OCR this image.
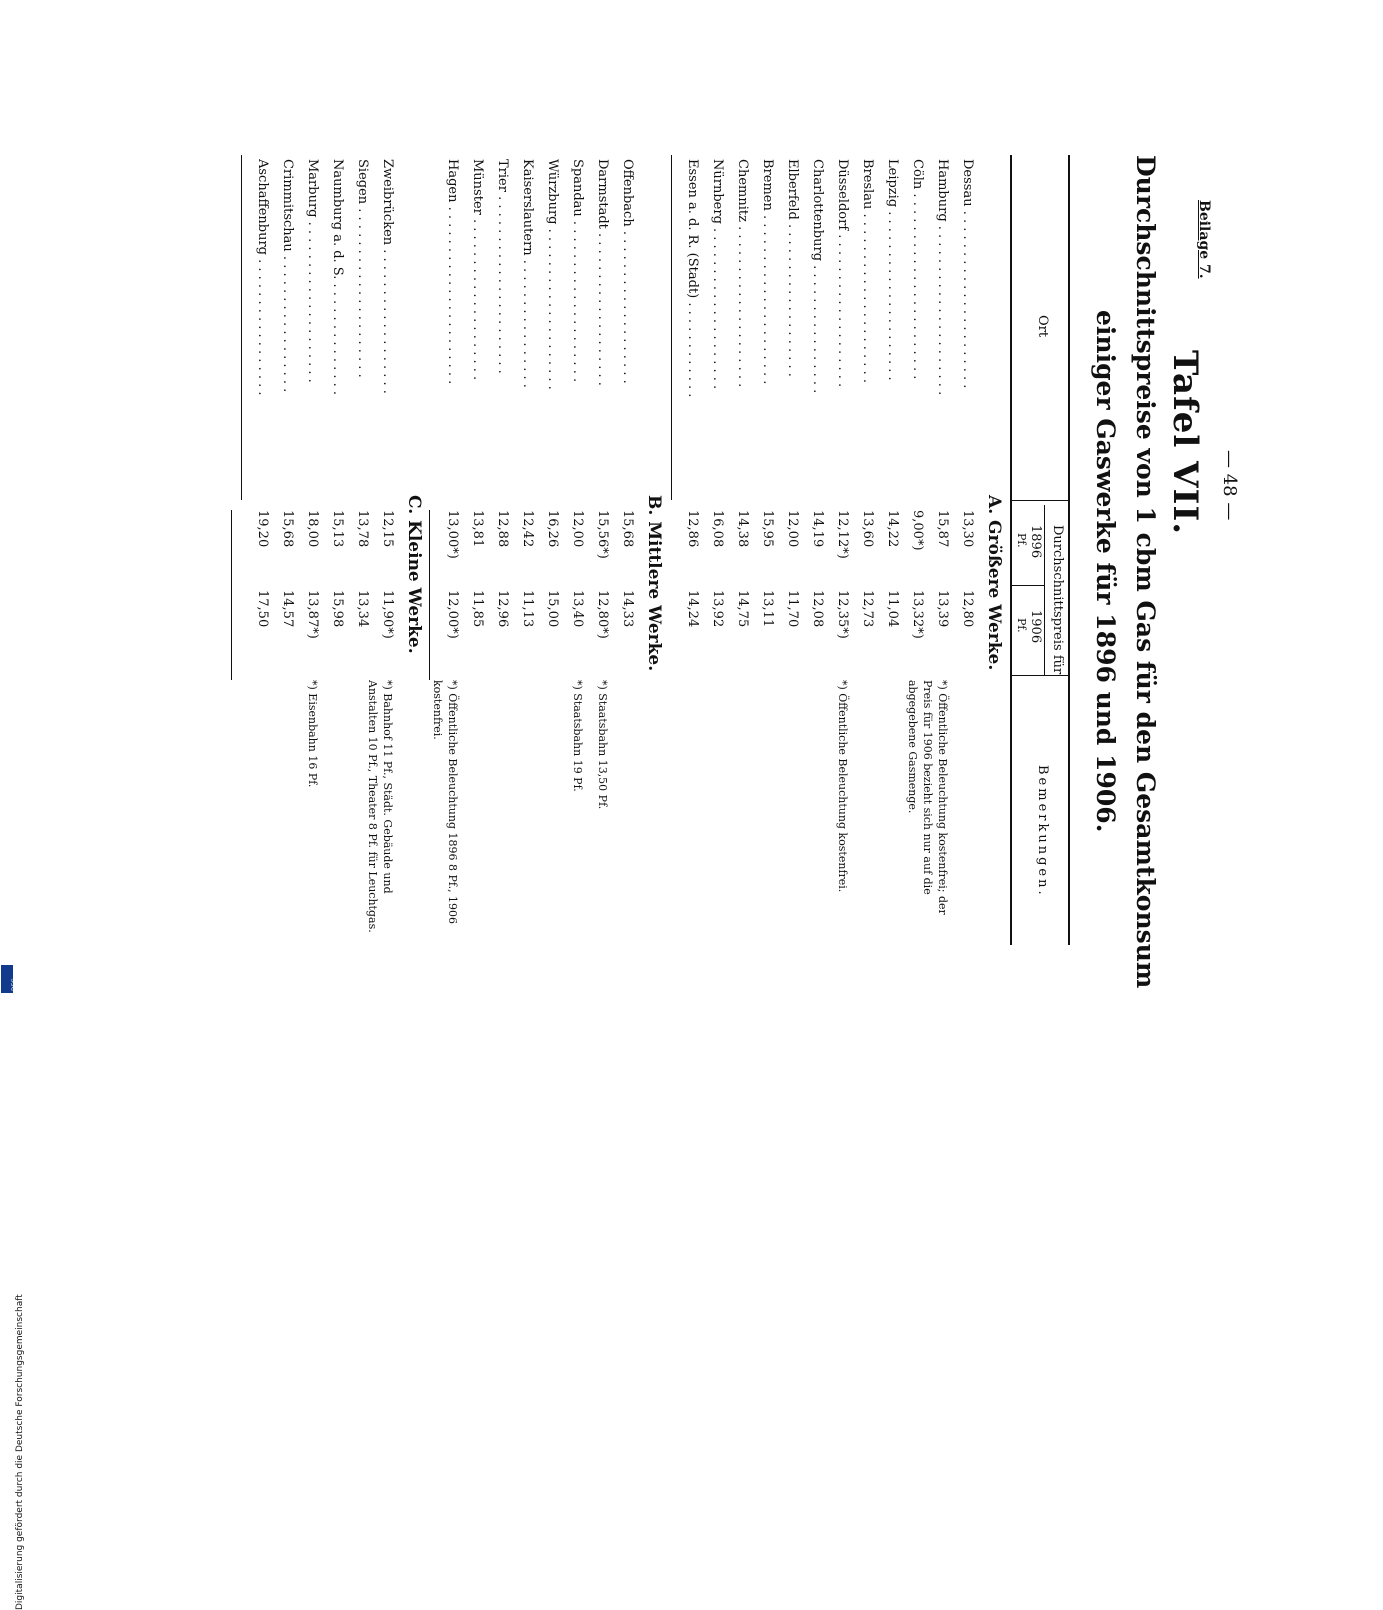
— 48 —
Beilage 7.
Tafel VII.
Durchschnittspreise von 1 cbm Gas für den Gesamtkonsum
einiger Gaswerke für 1896 und 1906.
Ort
Durchschnittspreis für
1896
1906
Pf.
Pf.
Bemerkungen.
A. Größere Werke.
Dessau . . . . . . . . . . . . . . . . . . . . . .
13,30
12,80
Hamburg . . . . . . . . . . . . . . . . . . . . .
15,87
13,39
*) Öffentliche Beleuchtung kostenfrei; der Preis für 1906 bezieht sich nur auf die abgegebene Gasmenge.
Cöln . . . . . . . . . . . . . . . . . . . . . . .
9,00*)
13,32*)
Leipzig . . . . . . . . . . . . . . . . . . . . .
14,22
11,04
Breslau . . . . . . . . . . . . . . . . . . . . .
13,60
12,73
Düsseldorf . . . . . . . . . . . . . . . . . . .
12,12*)
12,35*)
*) Öffentliche Beleuchtung kostenfrei.
Charlottenburg . . . . . . . . . . . . . . . .
14,19
12,08
Elberfeld . . . . . . . . . . . . . . . . . . .
12,00
11,70
Bremen . . . . . . . . . . . . . . . . . . . . .
15,95
13,11
Chemnitz . . . . . . . . . . . . . . . . . . . .
14,38
14,75
Nürnberg . . . . . . . . . . . . . . . . . . . .
16,08
13,92
Essen a. d. R. (Stadt) . . . . . . . . . . . .
12,86
14,24
B. Mittlere Werke.
Offenbach . . . . . . . . . . . . . . . . . . .
15,68
14,33
Darmstadt . . . . . . . . . . . . . . . . . . .
15,56*)
12,80*)
*) Staatsbahn 13,50 Pf.
Spandau . . . . . . . . . . . . . . . . . . . .
12,00
13,40
*) Staatsbahn 19 Pf.
Würzburg . . . . . . . . . . . . . . . . . . . .
16,26
15,00
Kaiserslautern . . . . . . . . . . . . . . . .
12,42
11,13
Trier . . . . . . . . . . . . . . . . . . . . . .
12,88
12,96
Münster . . . . . . . . . . . . . . . . . . . .
13,81
11,85
Hagen . . . . . . . . . . . . . . . . . . . . . .
13,00*)
12,00*)
*) Öffentliche Beleuchtung 1896 8 Pf., 1906 kostenfrei.
C. Kleine Werke.
Zweibrücken . . . . . . . . . . . . . . . . . .
12,15
11,90*)
*) Bahnhof 11 Pf., Städt. Gebäude und Anstalten 10 Pf., Theater 8 Pf. für Leuchtgas.
Siegen . . . . . . . . . . . . . . . . . . . . .
13,78
13,34
Naumburg a. d. S. . . . . . . . . . . . . . .
15,13
15,98
Marburg . . . . . . . . . . . . . . . . . . . .
18,00
13,87*)
*) Eisenbahn 16 Pf.
Crimmitschau . . . . . . . . . . . . . . . . .
15,68
14,57
Aschaffenburg . . . . . . . . . . . . . . . . .
19,20
17,50
Digitalisierung gefördert durch die Deutsche Forschungsgemeinschaft
DFG
